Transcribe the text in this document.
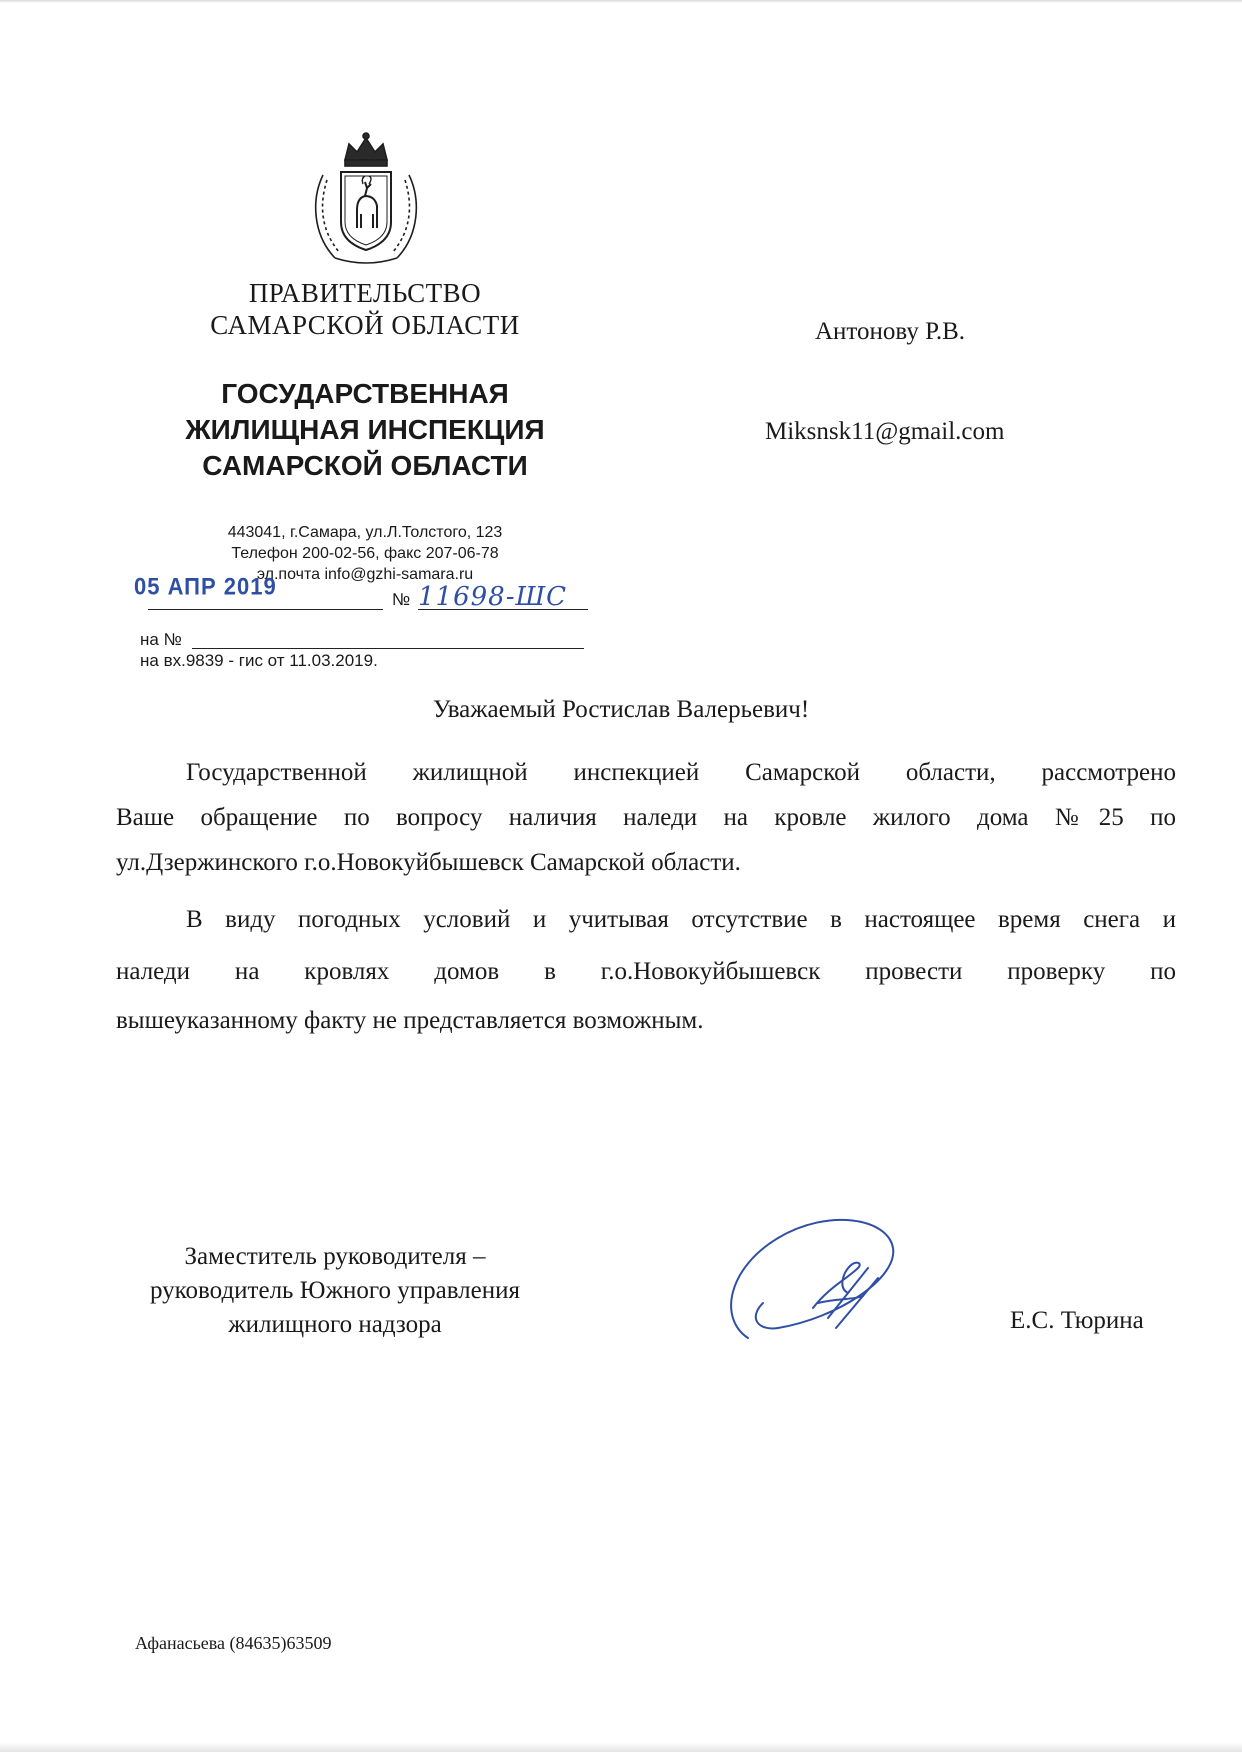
ПРАВИТЕЛЬСТВО
САМАРСКОЙ ОБЛАСТИ
ГОСУДАРСТВЕННАЯ
ЖИЛИЩНАЯ ИНСПЕКЦИЯ
САМАРСКОЙ ОБЛАСТИ
443041, г.Самара, ул.Л.Толстого, 123
Телефон 200-02-56, факс 207-06-78
эл.почта info@gzhi-samara.ru
05 АПР 2019	№ 11698-ШС
на №
на вх.9839 - гис от 11.03.2019.
Антонову Р.В.
Miksnsk11@gmail.com
Уважаемый Ростислав Валерьевич!
Государственной жилищной инспекцией Самарской области, рассмотрено
Ваше обращение по вопросу наличия наледи на кровле жилого дома №25 по
ул.Дзержинского г.о.Новокуйбышевск Самарской области.
В виду погодных условий и учитывая отсутствие в настоящее время снега и
наледи на кровлях домов в г.о.Новокуйбышевск провести проверку по
вышеуказанному факту не представляется возможным.
Заместитель руководителя –
руководитель Южного управления
жилищного надзора	Е.С. Тюрина
Афанасьева (84635)63509
